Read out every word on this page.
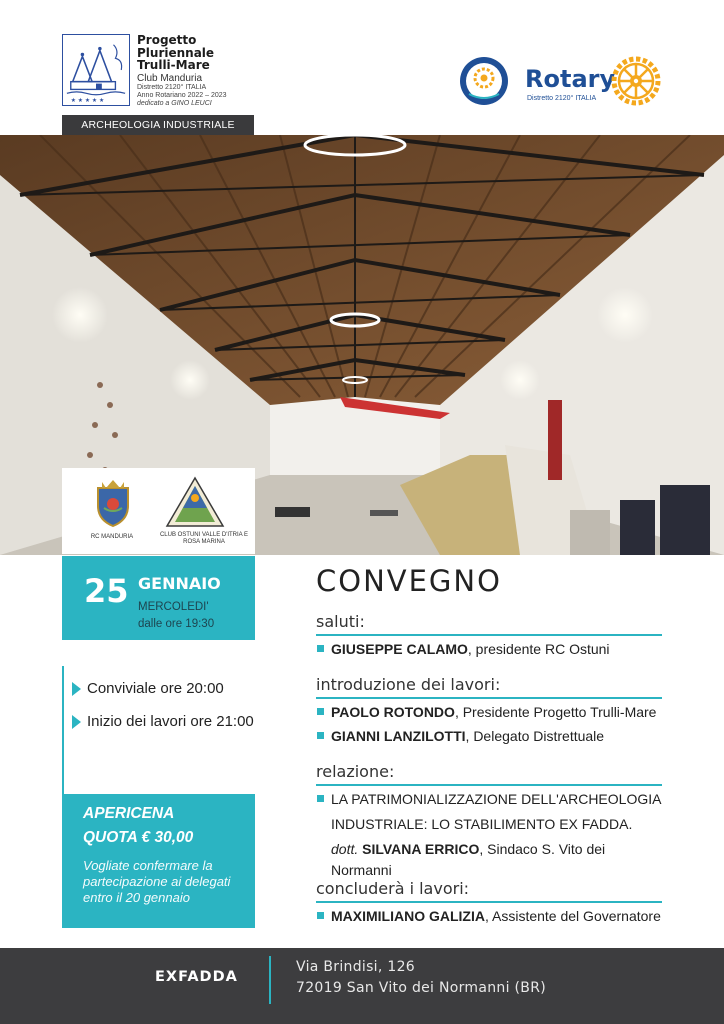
★ ★ ★ ★ ★
Progetto
Pluriennale
Trulli-Mare
Club Manduria
Distretto 2120° ITALIA
Anno Rotariano 2022 – 2023
dedicato a GINO LEUCI
ARCHEOLOGIA INDUSTRIALE
Rotary
Distretto 2120° ITALIA
RC MANDURIA	CLUB OSTUNI VALLE D'ITRIA E ROSA MARINA
25 GENNAIO
MERCOLEDI'
dalle ore 19:30
Conviviale ore 20:00
Inizio dei lavori ore 21:00
APERICENA
QUOTA € 30,00
Vogliate confermare la partecipazione ai delegati entro il 20 gennaio
CONVEGNO
saluti:
GIUSEPPE CALAMO, presidente RC Ostuni
introduzione dei lavori:
PAOLO ROTONDO, Presidente Progetto Trulli-Mare
GIANNI LANZILOTTI, Delegato Distrettuale
relazione:
LA PATRIMONIALIZZAZIONE DELL'ARCHEOLOGIA
INDUSTRIALE: LO STABILIMENTO EX FADDA.
dott. SILVANA ERRICO, Sindaco S. Vito dei Normanni
concluderà i lavori:
MAXIMILIANO GALIZIA, Assistente del Governatore
EXFADDA
Via Brindisi, 126
72019 San Vito dei Normanni (BR)
